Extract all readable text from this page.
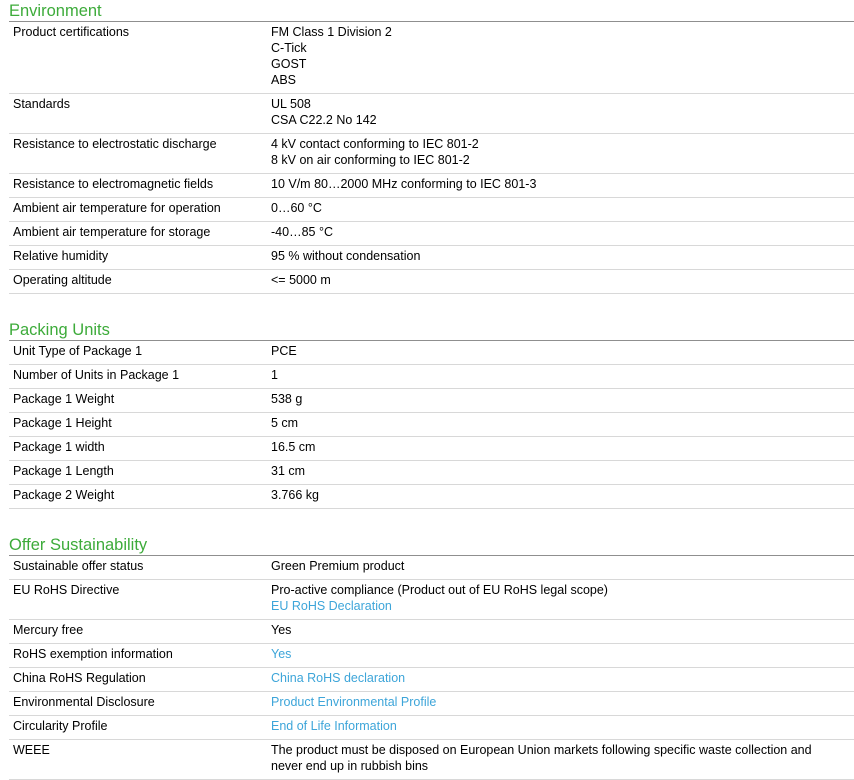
Environment
Product certifications	FM Class 1 Division 2
C-Tick
GOST
ABS

Standards	UL 508
CSA C22.2 No 142

Resistance to electrostatic discharge	4 kV contact conforming to IEC 801-2
8 kV on air conforming to IEC 801-2

Resistance to electromagnetic fields	10 V/m 80…2000 MHz conforming to IEC 801-3
Ambient air temperature for operation	0…60 °C
Ambient air temperature for storage	-40…85 °C
Relative humidity	95 % without condensation
Operating altitude	<= 5000 m
Packing Units
Unit Type of Package 1	PCE
Number of Units in Package 1	1
Package 1 Weight	538 g
Package 1 Height	5 cm
Package 1 width	16.5 cm
Package 1 Length	31 cm
Package 2 Weight	3.766 kg
Offer Sustainability
Sustainable offer status	Green Premium product
EU RoHS Directive	Pro-active compliance (Product out of EU RoHS legal scope)
EU RoHS Declaration

Mercury free	Yes
RoHS exemption information	Yes
China RoHS Regulation	China RoHS declaration
Environmental Disclosure	Product Environmental Profile
Circularity Profile	End of Life Information
WEEE	The product must be disposed on European Union markets following specific waste collection and never end up in rubbish bins
